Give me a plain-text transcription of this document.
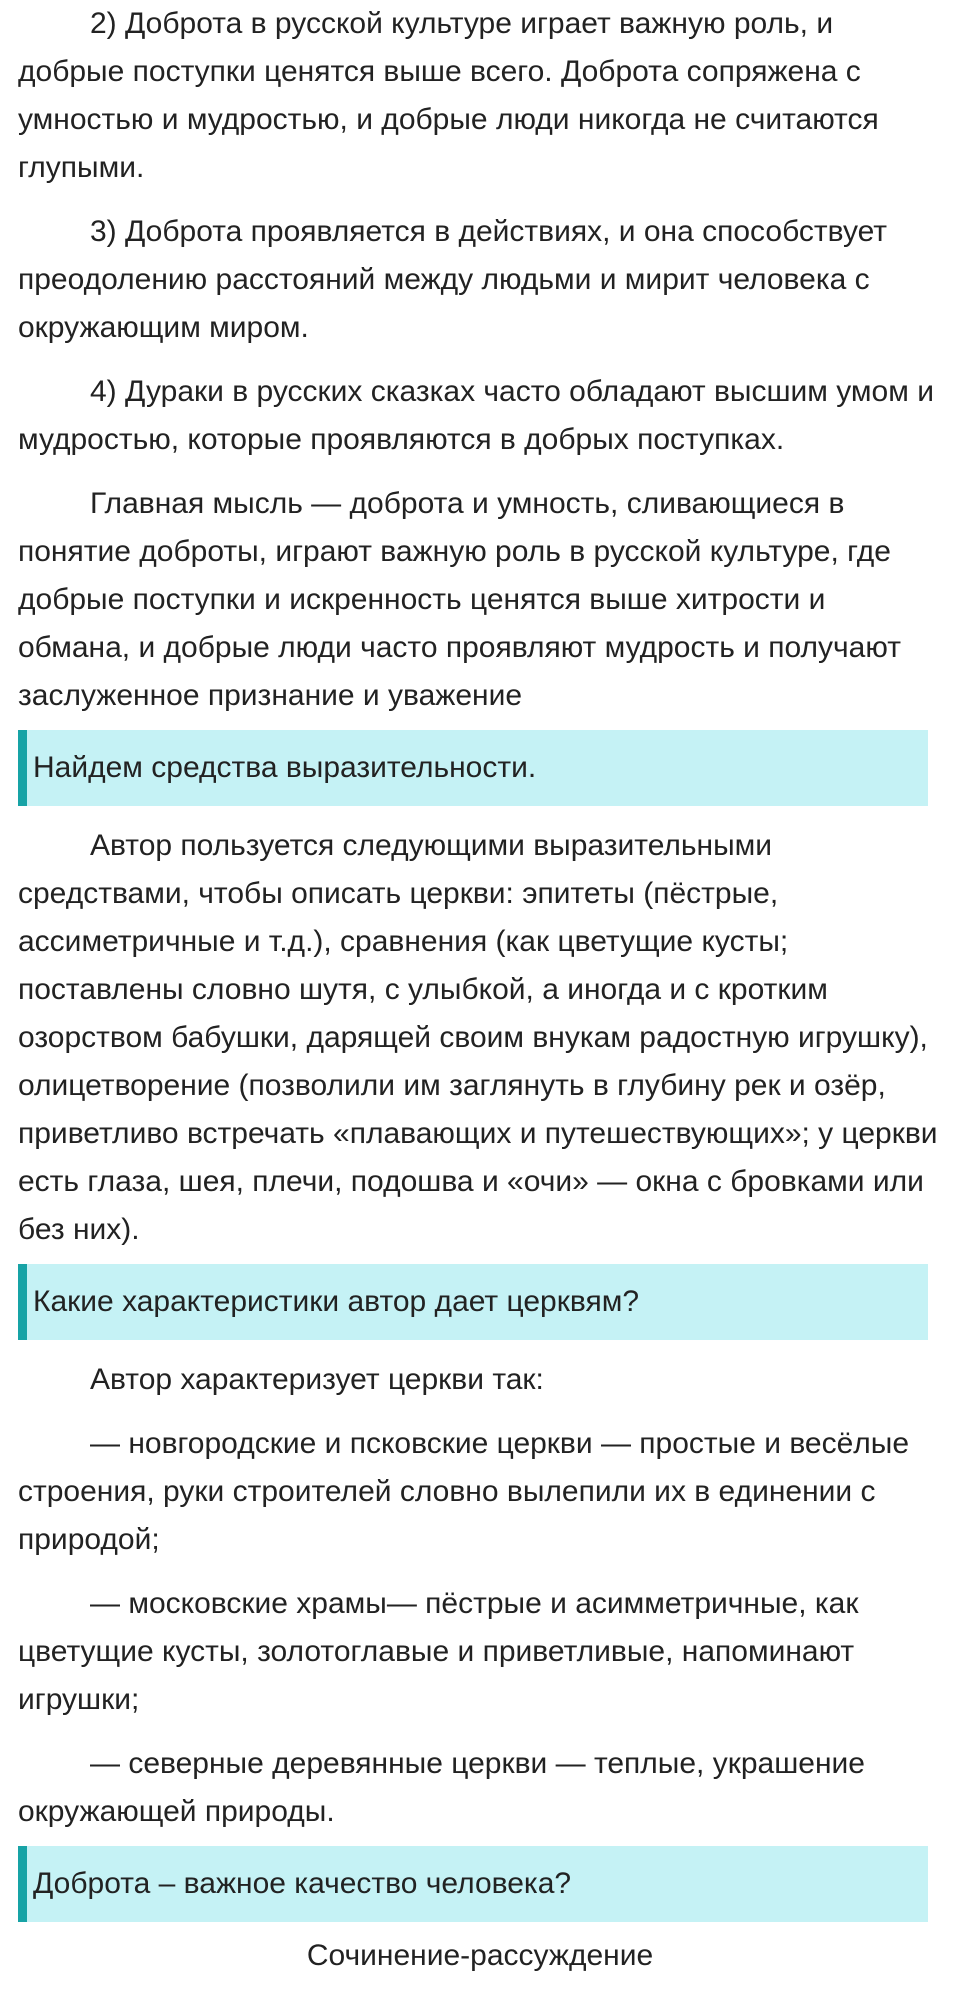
2) Доброта в русской культуре играет важную роль, и добрые поступки ценятся выше всего. Доброта сопряжена с умностью и мудростью, и добрые люди никогда не считаются глупыми.

3) Доброта проявляется в действиях, и она способствует преодолению расстояний между людьми и мирит человека с окружающим миром.

4) Дураки в русских сказках часто обладают высшим умом и мудростью, которые проявляются в добрых поступках.

Главная мысль — доброта и умность, сливающиеся в понятие доброты, играют важную роль в русской культуре, где добрые поступки и искренность ценятся выше хитрости и обмана, и добрые люди часто проявляют мудрость и получают заслуженное признание и уважение

Найдем средства выразительности.

Автор пользуется следующими выразительными средствами, чтобы описать церкви: эпитеты (пёстрые, ассиметричные и т.д.), сравнения (как цветущие кусты; поставлены словно шутя, с улыбкой, а иногда и с кротким озорством бабушки, дарящей своим внукам радостную игрушку), олицетворение (позволили им заглянуть в глубину рек и озёр, приветливо встречать «плавающих и путешествующих»; у церкви есть глаза, шея, плечи, подошва и «очи» — окна с бровками или без них).

Какие характеристики автор дает церквям?

Автор характеризует церкви так:

— новгородские и псковские церкви — простые и весёлые строения, руки строителей словно вылепили их в единении с природой;

— московские храмы— пёстрые и асимметричные, как цветущие кусты, золотоглавые и приветливые, напоминают игрушки;

— северные деревянные церкви — теплые, украшение окружающей природы.

Доброта – важное качество человека?

Сочинение-рассуждение
